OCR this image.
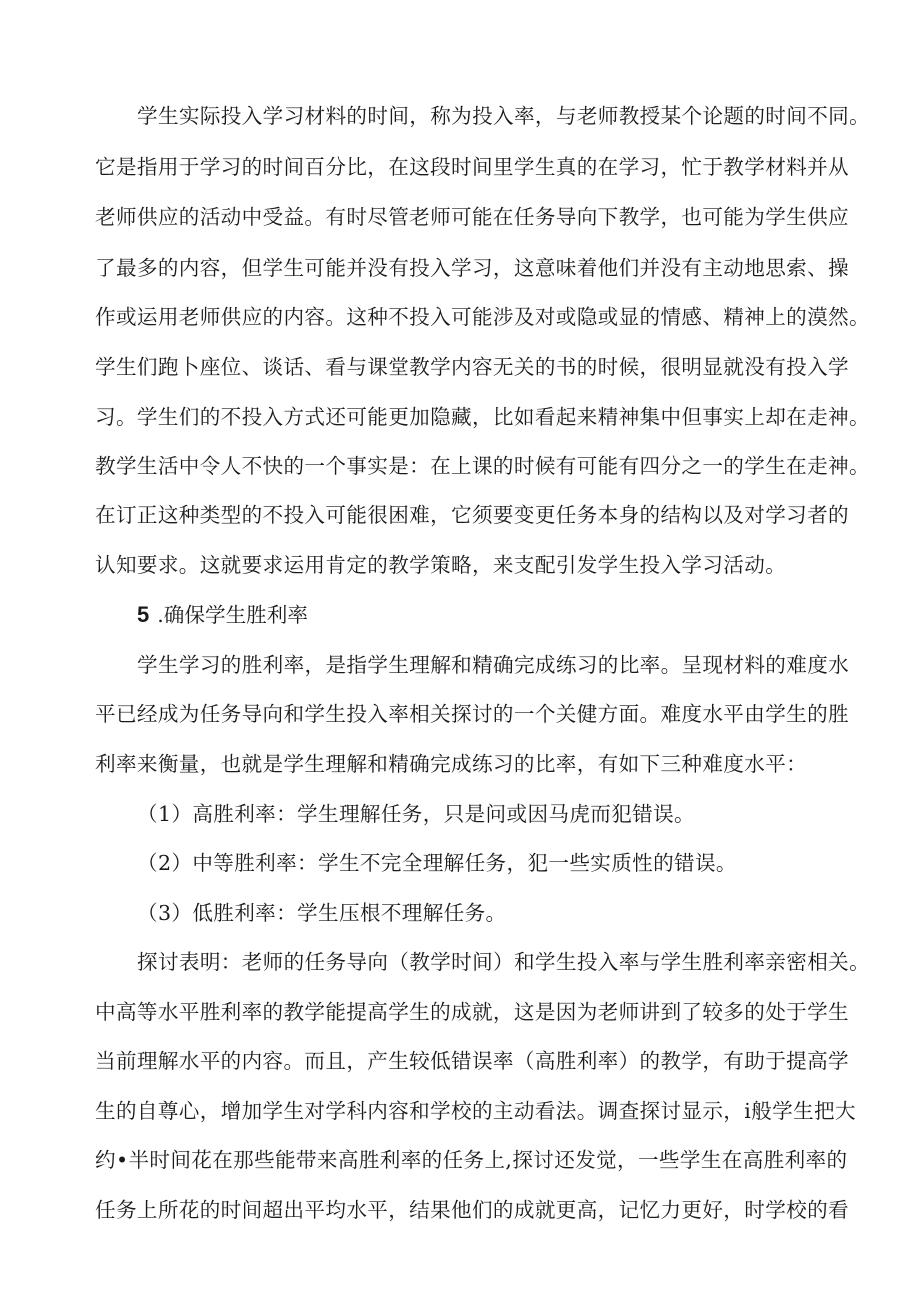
学生实际投入学习材料的时间，称为投入率，与老师教授某个论题的时间不同。
它是指用于学习的时间百分比，在这段时间里学生真的在学习，忙于教学材料并从
老师供应的活动中受益。有时尽管老师可能在任务导向下教学，也可能为学生供应
了最多的内容，但学生可能并没有投入学习，这意味着他们并没有主动地思索、操
作或运用老师供应的内容。这种不投入可能涉及对或隐或显的情感、精神上的漠然。
学生们跑卜座位、谈话、看与课堂教学内容无关的书的时候，很明显就没有投入学
习。学生们的不投入方式还可能更加隐藏，比如看起来精神集中但事实上却在走神。
教学生活中令人不快的一个事实是：在上课的时候有可能有四分之一的学生在走神。
在订正这种类型的不投入可能很困难，它须要变更任务本身的结构以及对学习者的
认知要求。这就要求运用肯定的教学策略，来支配引发学生投入学习活动。
5 .确保学生胜利率
学生学习的胜利率，是指学生理解和精确完成练习的比率。呈现材料的难度水
平已经成为任务导向和学生投入率相关探讨的一个关健方面。难度水平由学生的胜
利率来衡量，也就是学生理解和精确完成练习的比率，有如下三种难度水平：
（1）高胜利率：学生理解任务，只是问或因马虎而犯错误。
（2）中等胜利率：学生不完全理解任务，犯一些实质性的错误。
（3）低胜利率：学生压根不理解任务。
探讨表明：老师的任务导向（教学时间）和学生投入率与学生胜利率亲密相关。
中高等水平胜利率的教学能提高学生的成就，这是因为老师讲到了较多的处于学生
当前理解水平的内容。而且，产生较低错误率（高胜利率）的教学，有助于提高学
生的自尊心，增加学生对学科内容和学校的主动看法。调查探讨显示，i般学生把大
约•半时间花在那些能带来高胜利率的任务上,探讨还发觉，一些学生在高胜利率的
任务上所花的时间超出平均水平，结果他们的成就更高，记忆力更好，时学校的看
